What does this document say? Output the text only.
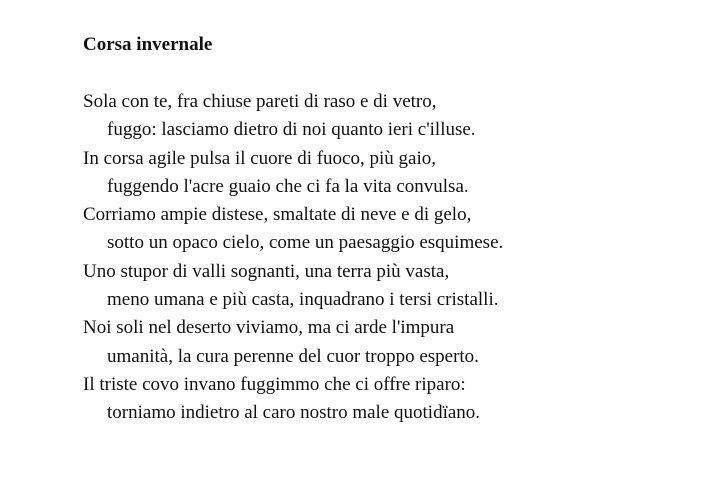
Corsa invernale
Sola con te, fra chiuse pareti di raso e di vetro,
fuggo: lasciamo dietro di noi quanto ieri c'illuse.
In corsa agile pulsa il cuore di fuoco, più gaio,
fuggendo l'acre guaio che ci fa la vita convulsa.
Corriamo ampie distese, smaltate di neve e di gelo,
sotto un opaco cielo, come un paesaggio esquimese.
Uno stupor di valli sognanti, una terra più vasta,
meno umana e più casta, inquadrano i tersi cristalli.
Noi soli nel deserto viviamo, ma ci arde l'impura
umanità, la cura perenne del cuor troppo esperto.
Il triste covo invano fuggimmo che ci offre riparo:
torniamo indietro al caro nostro male quotidïano.
